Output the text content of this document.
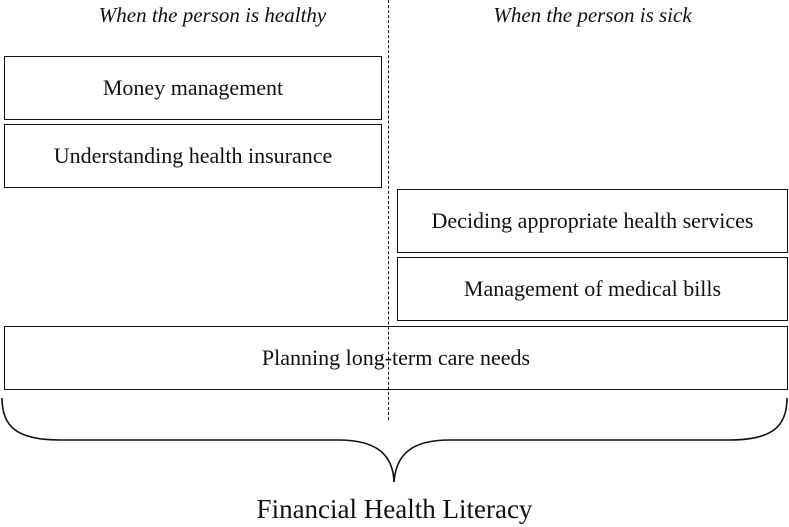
When the person is healthy	When the person is sick
Money management
Understanding health insurance
Deciding appropriate health services
Management of medical bills
Planning long-term care needs
Financial Health Literacy
